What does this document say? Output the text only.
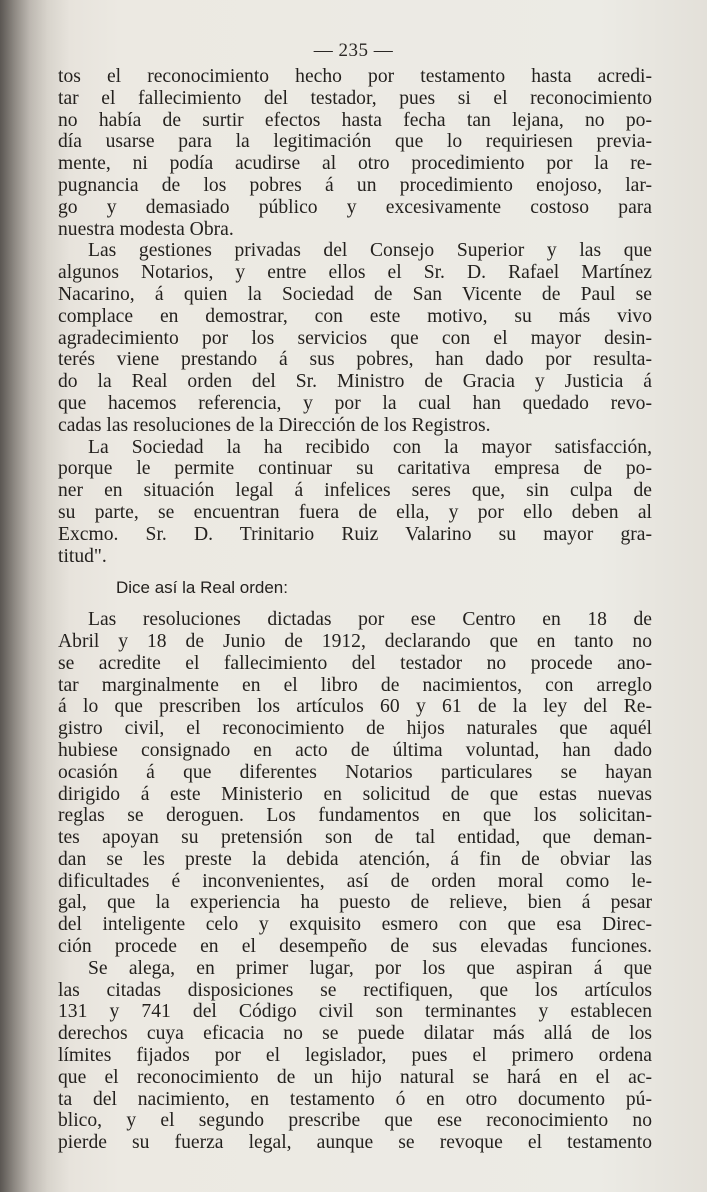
— 235 —
tos el reconocimiento hecho por testamento hasta acredi-
tar el fallecimiento del testador, pues si el reconocimiento
no había de surtir efectos hasta fecha tan lejana, no po-
día usarse para la legitimación que lo requiriesen previa-
mente, ni podía acudirse al otro procedimiento por la re-
pugnancia de los pobres á un procedimiento enojoso, lar-
go y demasiado público y excesivamente costoso para
nuestra modesta Obra.
Las gestiones privadas del Consejo Superior y las que
algunos Notarios, y entre ellos el Sr. D. Rafael Martínez
Nacarino, á quien la Sociedad de San Vicente de Paul se
complace en demostrar, con este motivo, su más vivo
agradecimiento por los servicios que con el mayor desin-
terés viene prestando á sus pobres, han dado por resulta-
do la Real orden del Sr. Ministro de Gracia y Justicia á
que hacemos referencia, y por la cual han quedado revo-
cadas las resoluciones de la Dirección de los Registros.
La Sociedad la ha recibido con la mayor satisfacción,
porque le permite continuar su caritativa empresa de po-
ner en situación legal á infelices seres que, sin culpa de
su parte, se encuentran fuera de ella, y por ello deben al
Excmo. Sr. D. Trinitario Ruiz Valarino su mayor gra-
titud".
Dice así la Real orden:
Las resoluciones dictadas por ese Centro en 18 de
Abril y 18 de Junio de 1912, declarando que en tanto no
se acredite el fallecimiento del testador no procede ano-
tar marginalmente en el libro de nacimientos, con arreglo
á lo que prescriben los artículos 60 y 61 de la ley del Re-
gistro civil, el reconocimiento de hijos naturales que aquél
hubiese consignado en acto de última voluntad, han dado
ocasión á que diferentes Notarios particulares se hayan
dirigido á este Ministerio en solicitud de que estas nuevas
reglas se deroguen. Los fundamentos en que los solicitan-
tes apoyan su pretensión son de tal entidad, que deman-
dan se les preste la debida atención, á fin de obviar las
dificultades é inconvenientes, así de orden moral como le-
gal, que la experiencia ha puesto de relieve, bien á pesar
del inteligente celo y exquisito esmero con que esa Direc-
ción procede en el desempeño de sus elevadas funciones.
Se alega, en primer lugar, por los que aspiran á que
las citadas disposiciones se rectifiquen, que los artículos
131 y 741 del Código civil son terminantes y establecen
derechos cuya eficacia no se puede dilatar más allá de los
límites fijados por el legislador, pues el primero ordena
que el reconocimiento de un hijo natural se hará en el ac-
ta del nacimiento, en testamento ó en otro documento pú-
blico, y el segundo prescribe que ese reconocimiento no
pierde su fuerza legal, aunque se revoque el testamento
